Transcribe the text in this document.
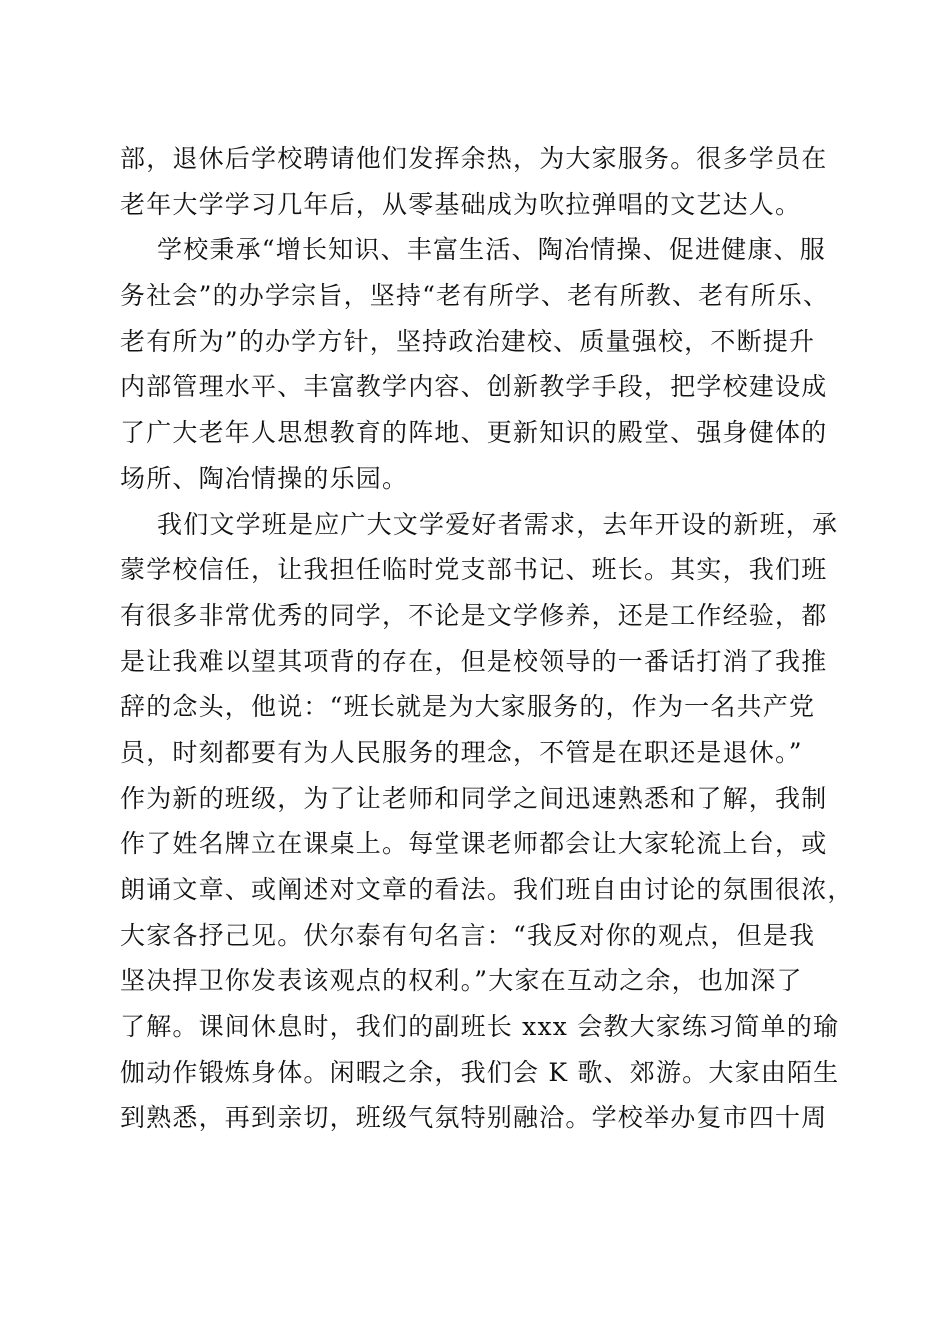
部，退休后学校聘请他们发挥余热，为大家服务。很多学员在
老年大学学习几年后，从零基础成为吹拉弹唱的文艺达人。
学校秉承“增长知识、丰富生活、陶冶情操、促进健康、服
务社会”的办学宗旨，坚持“老有所学、老有所教、老有所乐、
老有所为”的办学方针，坚持政治建校、质量强校，不断提升
内部管理水平、丰富教学内容、创新教学手段，把学校建设成
了广大老年人思想教育的阵地、更新知识的殿堂、强身健体的
场所、陶冶情操的乐园。
我们文学班是应广大文学爱好者需求，去年开设的新班，承
蒙学校信任，让我担任临时党支部书记、班长。其实，我们班
有很多非常优秀的同学，不论是文学修养，还是工作经验，都
是让我难以望其项背的存在，但是校领导的一番话打消了我推
辞的念头，他说：“班长就是为大家服务的，作为一名共产党
员，时刻都要有为人民服务的理念，不管是在职还是退休。”
作为新的班级，为了让老师和同学之间迅速熟悉和了解，我制
作了姓名牌立在课桌上。每堂课老师都会让大家轮流上台，或
朗诵文章、或阐述对文章的看法。我们班自由讨论的氛围很浓，
大家各抒己见。伏尔泰有句名言：“我反对你的观点，但是我
坚决捍卫你发表该观点的权利。”大家在互动之余，也加深了
了解。课间休息时，我们的副班长 xxx 会教大家练习简单的瑜
伽动作锻炼身体。闲暇之余，我们会 K 歌、郊游。大家由陌生
到熟悉，再到亲切，班级气氛特别融洽。学校举办复市四十周
